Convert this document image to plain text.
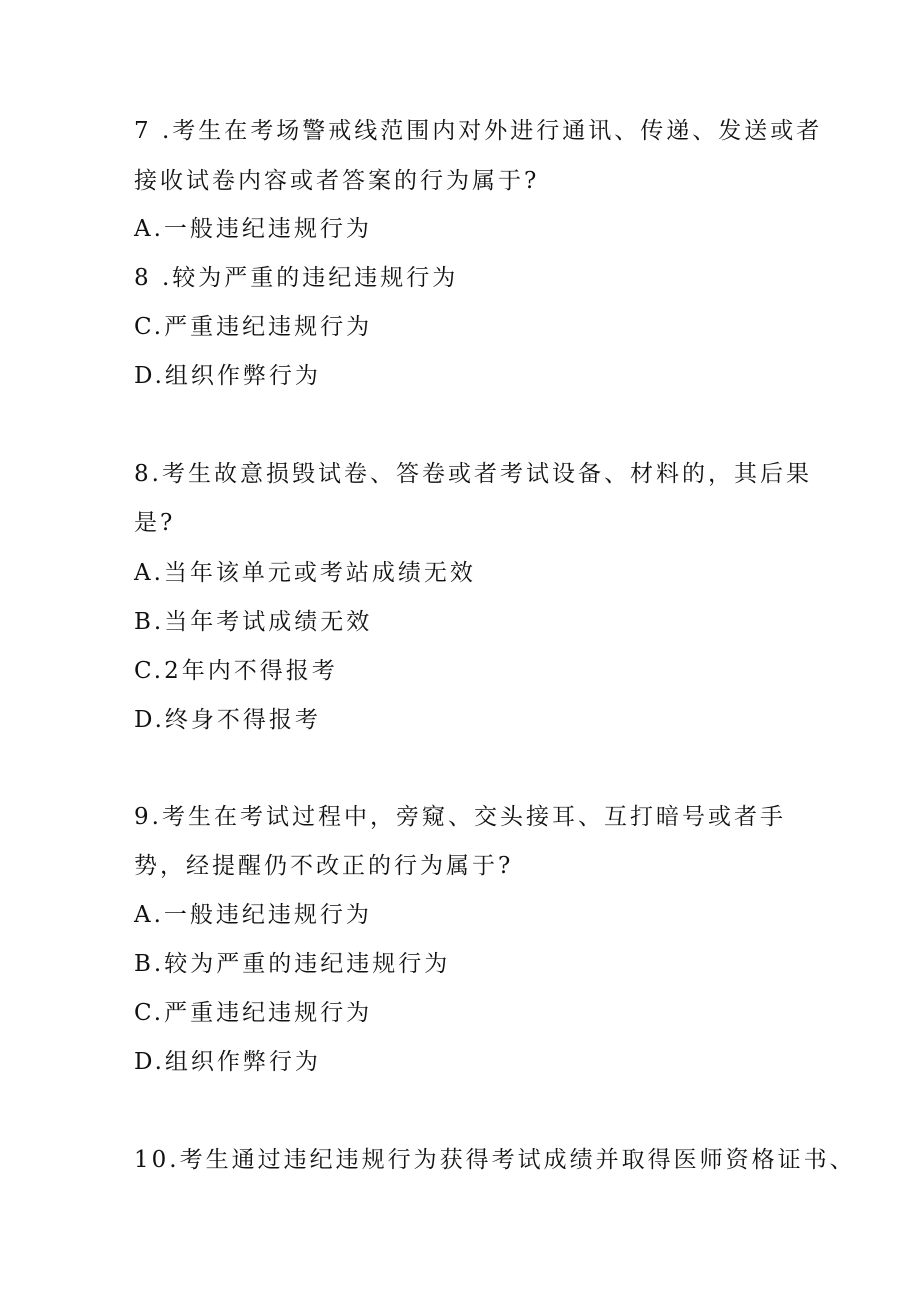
7 .考生在考场警戒线范围内对外进行通讯、传递、发送或者
接收试卷内容或者答案的行为属于?
A.一般违纪违规行为
8 .较为严重的违纪违规行为
C.严重违纪违规行为
D.组织作弊行为
8.考生故意损毁试卷、答卷或者考试设备、材料的，其后果
是?
A.当年该单元或考站成绩无效
B.当年考试成绩无效
C.2年内不得报考
D.终身不得报考
9.考生在考试过程中，旁窥、交头接耳、互打暗号或者手
势，经提醒仍不改正的行为属于?
A.一般违纪违规行为
B.较为严重的违纪违规行为
C.严重违纪违规行为
D.组织作弊行为
10.考生通过违纪违规行为获得考试成绩并取得医师资格证书、
